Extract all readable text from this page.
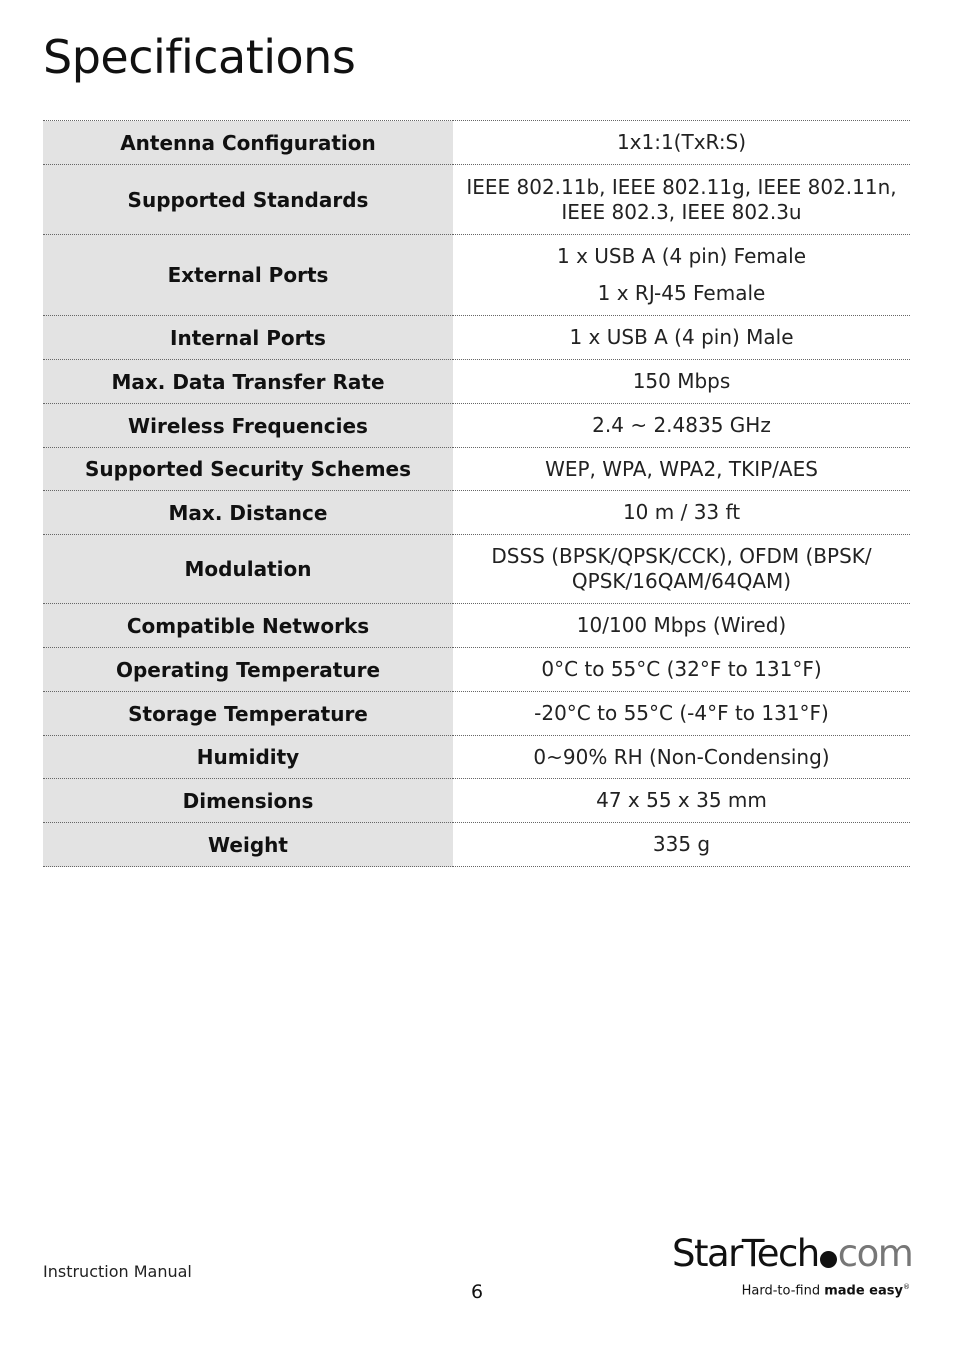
Specifications
Antenna Configuration	1x1:1(TxR:S)

Supported Standards	IEEE 802.11b, IEEE 802.11g, IEEE 802.11n,
IEEE 802.3, IEEE 802.3u

External Ports	1 x USB A (4 pin) Female
1 x RJ-45 Female

Internal Ports	1 x USB A (4 pin) Male

Max. Data Transfer Rate	150 Mbps

Wireless Frequencies	2.4 ~ 2.4835 GHz

Supported Security Schemes	WEP, WPA, WPA2, TKIP/AES

Max. Distance	10 m / 33 ft

Modulation	DSSS (BPSK/QPSK/CCK), OFDM (BPSK/
QPSK/16QAM/64QAM)

Compatible Networks	10/100 Mbps (Wired)

Operating Temperature	0°C to 55°C (32°F to 131°F)

Storage Temperature	-20°C to 55°C (-4°F to 131°F)

Humidity	0~90% RH (Non-Condensing)

Dimensions	47 x 55 x 35 mm

Weight	335 g
Instruction Manual
6
StarTech com
Hard-to-find made easy®
